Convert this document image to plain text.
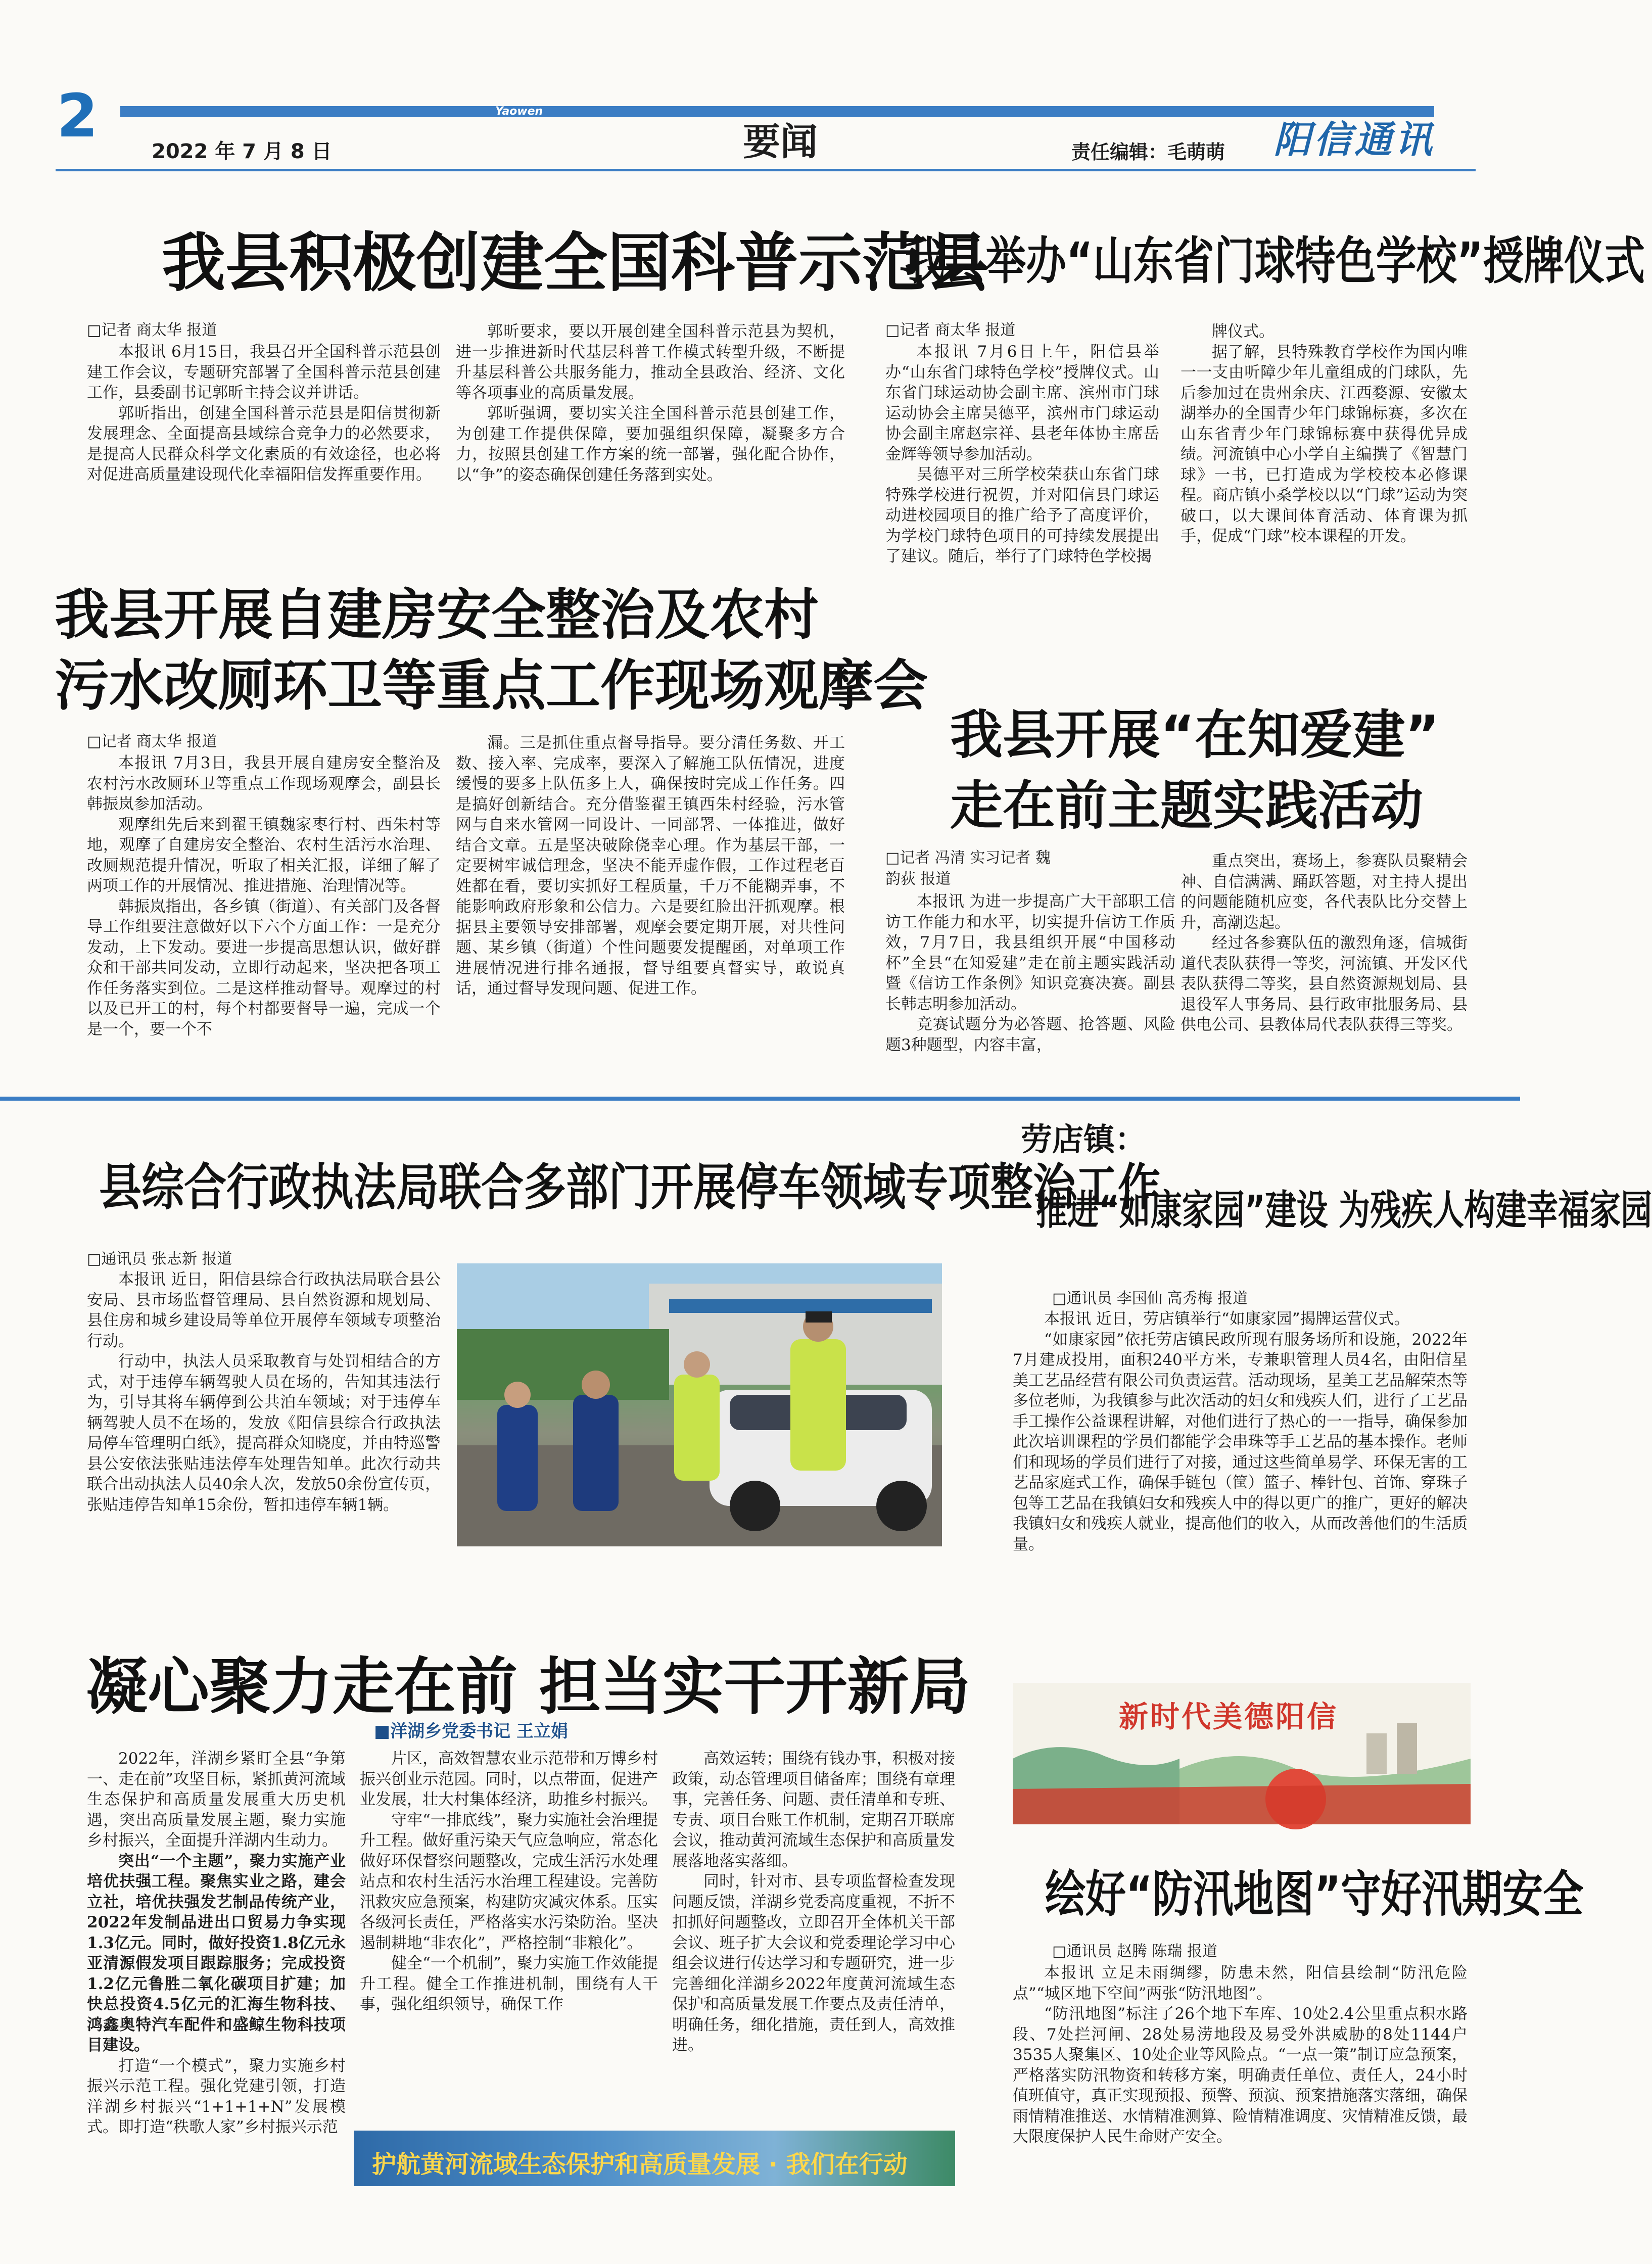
2	Yaowen
2022 年 7 月 8 日	要闻	责任编辑：毛萌萌 阳信通讯
我县积极创建全国科普示范县
□记者 商太华 报道

本报讯 6月15日，我县召开全国科普示范县创建工作会议，专题研究部署了全国科普示范县创建工作，县委副书记郭昕主持会议并讲话。

郭昕指出，创建全国科普示范县是阳信贯彻新发展理念、全面提高县域综合竞争力的必然要求，是提高人民群众科学文化素质的有效途径，也必将对促进高质量建设现代化幸福阳信发挥重要作用。

郭昕要求，要以开展创建全国科普示范县为契机，进一步推进新时代基层科普工作模式转型升级，不断提升基层科普公共服务能力，推动全县政治、经济、文化等各项事业的高质量发展。

郭昕强调，要切实关注全国科普示范县创建工作，为创建工作提供保障，要加强组织保障，凝聚多方合力，按照县创建工作方案的统一部署，强化配合协作，以“争”的姿态确保创建任务落到实处。

我县举办“山东省门球特色学校”授牌仪式
□记者 商太华 报道

本报讯 7月6日上午，阳信县举办“山东省门球特色学校”授牌仪式。山东省门球运动协会副主席、滨州市门球运动协会主席吴德平，滨州市门球运动协会副主席赵宗祥、县老年体协主席岳金辉等领导参加活动。

吴德平对三所学校荣获山东省门球特殊学校进行祝贺，并对阳信县门球运动进校园项目的推广给予了高度评价，为学校门球特色项目的可持续发展提出了建议。随后，举行了门球特色学校揭

牌仪式。

据了解，县特殊教育学校作为国内唯一一支由听障少年儿童组成的门球队，先后参加过在贵州余庆、江西婺源、安徽太湖举办的全国青少年门球锦标赛，多次在山东省青少年门球锦标赛中获得优异成绩。河流镇中心小学自主编撰了《智慧门球》一书，已打造成为学校校本必修课程。商店镇小桑学校以以“门球”运动为突破口，以大课间体育活动、体育课为抓手，促成“门球”校本课程的开发。

我县开展自建房安全整治及农村
污水改厕环卫等重点工作现场观摩会
□记者 商太华 报道

本报讯 7月3日，我县开展自建房安全整治及农村污水改厕环卫等重点工作现场观摩会，副县长韩振岚参加活动。

观摩组先后来到翟王镇魏家枣行村、西朱村等地，观摩了自建房安全整治、农村生活污水治理、改厕规范提升情况，听取了相关汇报，详细了解了两项工作的开展情况、推进措施、治理情况等。

韩振岚指出，各乡镇（街道）、有关部门及各督导工作组要注意做好以下六个方面工作：一是充分发动，上下发动。要进一步提高思想认识，做好群众和干部共同发动，立即行动起来，坚决把各项工作任务落实到位。二是这样推动督导。观摩过的村以及已开工的村，每个村都要督导一遍，完成一个是一个，要一个不

漏。三是抓住重点督导指导。要分清任务数、开工数、接入率、完成率，要深入了解施工队伍情况，进度缓慢的要多上队伍多上人，确保按时完成工作任务。四是搞好创新结合。充分借鉴翟王镇西朱村经验，污水管网与自来水管网一同设计、一同部署、一体推进，做好结合文章。五是坚决破除侥幸心理。作为基层干部，一定要树牢诚信理念，坚决不能弄虚作假，工作过程老百姓都在看，要切实抓好工程质量，千万不能糊弄事，不能影响政府形象和公信力。六是要红脸出汗抓观摩。根据县主要领导安排部署，观摩会要定期开展，对共性问题、某乡镇（街道）个性问题要发提醒函，对单项工作进展情况进行排名通报，督导组要真督实导，敢说真话，通过督导发现问题、促进工作。

我县开展“在知爱建”
走在前主题实践活动
□记者 冯清 实习记者 魏
韵荻 报道

本报讯 为进一步提高广大干部职工信访工作能力和水平，切实提升信访工作质效，7月7日，我县组织开展“中国移动杯”全县“在知爱建”走在前主题实践活动暨《信访工作条例》知识竞赛决赛。副县长韩志明参加活动。

竞赛试题分为必答题、抢答题、风险题3种题型，内容丰富，

重点突出，赛场上，参赛队员聚精会神、自信满满、踊跃答题，对主持人提出的问题能随机应变，各代表队比分交替上升，高潮迭起。

经过各参赛队伍的激烈角逐，信城街道代表队获得一等奖，河流镇、开发区代表队获得二等奖，县自然资源规划局、县退役军人事务局、县行政审批服务局、县供电公司、县教体局代表队获得三等奖。

县综合行政执法局联合多部门开展停车领域专项整治工作
□通讯员 张志新 报道

本报讯 近日，阳信县综合行政执法局联合县公安局、县市场监督管理局、县自然资源和规划局、县住房和城乡建设局等单位开展停车领域专项整治行动。

行动中，执法人员采取教育与处罚相结合的方式，对于违停车辆驾驶人员在场的，告知其违法行为，引导其将车辆停到公共泊车领域；对于违停车辆驾驶人员不在场的，发放《阳信县综合行政执法局停车管理明白纸》，提高群众知晓度，并由特巡警县公安依法张贴违法停车处理告知单。此次行动共联合出动执法人员40余人次，发放50余份宣传页，张贴违停告知单15余份，暂扣违停车辆1辆。

劳店镇：
推进“如康家园”建设 为残疾人构建幸福家园
□通讯员 李国仙 高秀梅 报道

本报讯 近日，劳店镇举行“如康家园”揭牌运营仪式。

“如康家园”依托劳店镇民政所现有服务场所和设施，2022年7月建成投用，面积240平方米，专兼职管理人员4名，由阳信星美工艺品经营有限公司负责运营。活动现场，星美工艺品解荣杰等多位老师，为我镇参与此次活动的妇女和残疾人们，进行了工艺品手工操作公益课程讲解，对他们进行了热心的一一指导，确保参加此次培训课程的学员们都能学会串珠等手工艺品的基本操作。老师们和现场的学员们进行了对接，通过这些简单易学、环保无害的工艺品家庭式工作，确保手链包（筐）篮子、棒针包、首饰、穿珠子包等工艺品在我镇妇女和残疾人中的得以更广的推广，更好的解决我镇妇女和残疾人就业，提高他们的收入，从而改善他们的生活质量。

新时代美德阳信
凝心聚力走在前 担当实干开新局
■洋湖乡党委书记 王立娟

2022年，洋湖乡紧盯全县“争第一、走在前”攻坚目标，紧抓黄河流域生态保护和高质量发展重大历史机遇，突出高质量发展主题，聚力实施乡村振兴，全面提升洋湖内生动力。

突出“一个主题”，聚力实施产业培优扶强工程。聚焦实业之路，建会立社，培优扶强发艺制品传统产业，2022年发制品进出口贸易力争实现1.3亿元。同时，做好投资1.8亿元永亚清源假发项目跟踪服务；完成投资1.2亿元鲁胜二氧化碳项目扩建；加快总投资4.5亿元的汇海生物科技、鸿鑫奥特汽车配件和盛鲸生物科技项目建设。

打造“一个模式”，聚力实施乡村振兴示范工程。强化党建引领，打造洋湖乡村振兴“1+1+1+N”发展模式。即打造“秩歌人家”乡村振兴示范

片区，高效智慧农业示范带和万博乡村振兴创业示范园。同时，以点带面，促进产业发展，壮大村集体经济，助推乡村振兴。

守牢“一排底线”，聚力实施社会治理提升工程。做好重污染天气应急响应，常态化做好环保督察问题整改，完成生活污水处理站点和农村生活污水治理工程建设。完善防汛救灾应急预案，构建防灾减灾体系。压实各级河长责任，严格落实水污染防治。坚决遏制耕地“非农化”，严格控制“非粮化”。

健全“一个机制”，聚力实施工作效能提升工程。健全工作推进机制，围绕有人干事，强化组织领导，确保工作

高效运转；围绕有钱办事，积极对接政策，动态管理项目储备库；围绕有章理事，完善任务、问题、责任清单和专班、专责、项目台账工作机制，定期召开联席会议，推动黄河流域生态保护和高质量发展落地落实落细。

同时，针对市、县专项监督检查发现问题反馈，洋湖乡党委高度重视，不折不扣抓好问题整改，立即召开全体机关干部会议、班子扩大会议和党委理论学习中心组会议进行传达学习和专题研究，进一步完善细化洋湖乡2022年度黄河流域生态保护和高质量发展工作要点及责任清单，明确任务，细化措施，责任到人，高效推进。

护航黄河流域生态保护和高质量发展 · 我们在行动
绘好“防汛地图”守好汛期安全
□通讯员 赵腾 陈瑞 报道

本报讯 立足未雨绸缪，防患未然，阳信县绘制“防汛危险点”“城区地下空间”两张“防汛地图”。

“防汛地图”标注了26个地下车库、10处2.4公里重点积水路段、7处拦河闸、28处易涝地段及易受外洪威胁的8处1144户3535人聚集区、10处企业等风险点。“一点一策”制订应急预案，严格落实防汛物资和转移方案，明确责任单位、责任人，24小时值班值守，真正实现预报、预警、预演、预案措施落实落细，确保雨情精准推送、水情精准测算、险情精准调度、灾情精准反馈，最大限度保护人民生命财产安全。
